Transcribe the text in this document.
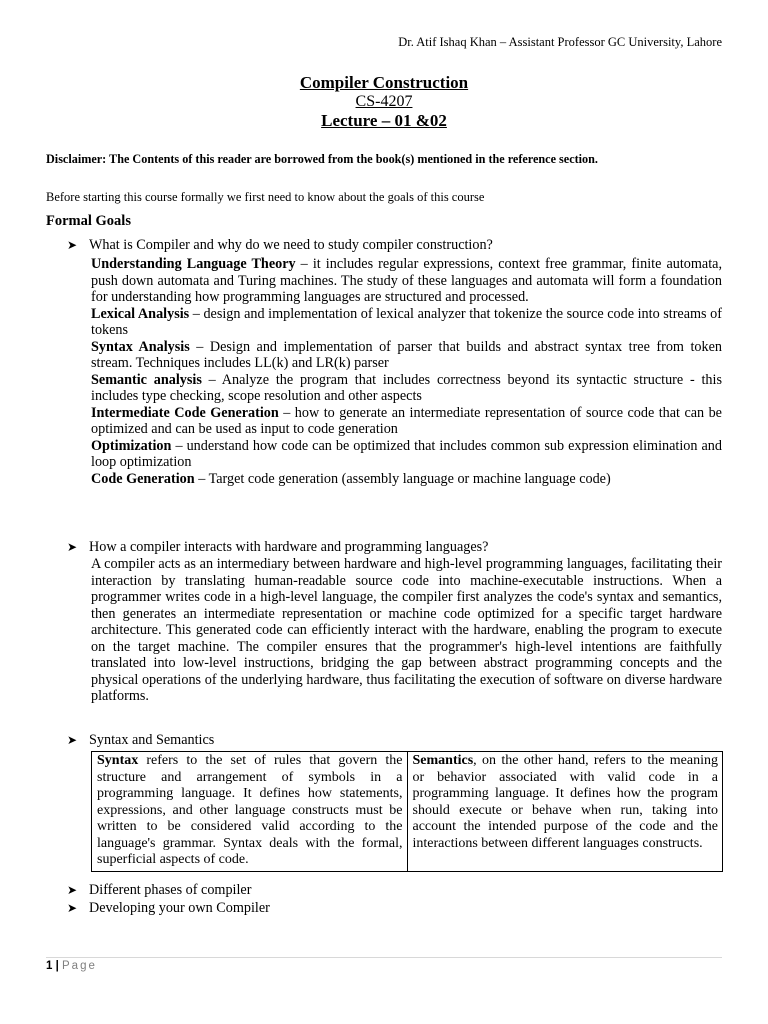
Dr. Atif Ishaq Khan – Assistant Professor GC University, Lahore
Compiler Construction
CS-4207
Lecture – 01 &02
Disclaimer: The Contents of this reader are borrowed from the book(s) mentioned in the reference section.
Before starting this course formally we first need to know about the goals of this course
Formal Goals
➤ What is Compiler and why do we need to study compiler construction?

Understanding Language Theory – it includes regular expressions, context free grammar, finite automata, push down automata and Turing machines. The study of these languages and automata will form a foundation for understanding how programming languages are structured and processed.

Lexical Analysis – design and implementation of lexical analyzer that tokenize the source code into streams of tokens

Syntax Analysis – Design and implementation of parser that builds and abstract syntax tree from token stream. Techniques includes LL(k) and LR(k) parser

Semantic analysis – Analyze the program that includes correctness beyond its syntactic structure - this includes type checking, scope resolution and other aspects

Intermediate Code Generation – how to generate an intermediate representation of source code that can be optimized and can be used as input to code generation

Optimization – understand how code can be optimized that includes common sub expression elimination and loop optimization

Code Generation – Target code generation (assembly language or machine language code)

➤ How a compiler interacts with hardware and programming languages?
A compiler acts as an intermediary between hardware and high-level programming languages, facilitating their interaction by translating human-readable source code into machine-executable instructions. When a programmer writes code in a high-level language, the compiler first analyzes the code's syntax and semantics, then generates an intermediate representation or machine code optimized for a specific target hardware architecture. This generated code can efficiently interact with the hardware, enabling the program to execute on the target machine. The compiler ensures that the programmer's high-level intentions are faithfully translated into low-level instructions, bridging the gap between abstract programming concepts and the physical operations of the underlying hardware, thus facilitating the execution of software on diverse hardware platforms.
➤ Syntax and Semantics
Syntax refers to the set of rules that govern the structure and arrangement of symbols in a programming language. It defines how statements, expressions, and other language constructs must be written to be considered valid according to the language's grammar. Syntax deals with the formal, superficial aspects of code.	Semantics, on the other hand, refers to the meaning or behavior associated with valid code in a programming language. It defines how the program should execute or behave when run, taking into account the intended purpose of the code and the interactions between different languages constructs.
➤ Different phases of compiler
➤ Developing your own Compiler
1 | Page
